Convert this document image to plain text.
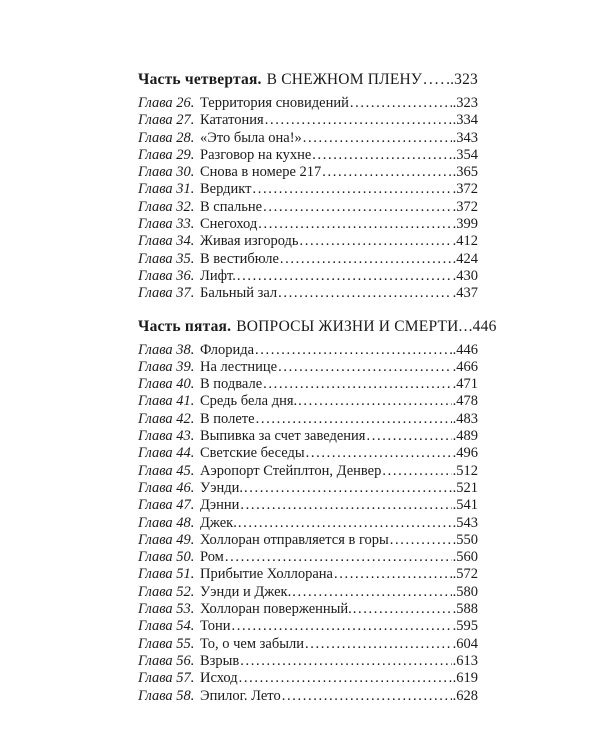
Часть четвертая. В СНЕЖНОМ ПЛЕНУ . . . .323
Глава 26. Территория сновидений . . .	.323
Глава 27. Кататония . . .	.334
Глава 28. «Это была она!» . . .	.343
Глава 29. Разговор на кухне . . .	.354
Глава 30. Снова в номере 217 . . .	.365
Глава 31. Вердикт . . .	.372
Глава 32. В спальне . . .	.372
Глава 33. Снегоход . . .	.399
Глава 34. Живая изгородь . . .	.412
Глава 35. В вестибюле . . .	.424
Глава 36. Лифт. . . .	.430
Глава 37. Бальный зал . . .	.437
Часть пятая. ВОПРОСЫ ЖИЗНИ И СМЕРТИ. . . . .446
Глава 38. Флорида . . .	.446
Глава 39. На лестнице . . .	.466
Глава 40. В подвале . . .	.471
Глава 41. Средь бела дня. . . .	.478
Глава 42. В полете . . .	.483
Глава 43. Выпивка за счет заведения . . .	.489
Глава 44. Светские беседы . . .	.496
Глава 45. Аэропорт Стейплтон, Денвер . . .	.512
Глава 46. Уэнди. . . .	.521
Глава 47. Дэнни . . .	.541
Глава 48. Джек. . . .	.543
Глава 49. Холлоран отправляется в горы . . .	.550
Глава 50. Ром . . .	.560
Глава 51. Прибытие Холлорана . . .	.572
Глава 52. Уэнди и Джек. . . .	.580
Глава 53. Холлоран поверженный. . . .	.588
Глава 54. Тони . . .	.595
Глава 55. То, о чем забыли . . .	.604
Глава 56. Взрыв . . .	.613
Глава 57. Исход . . .	.619
Глава 58. Эпилог. Лето . . .	.628
